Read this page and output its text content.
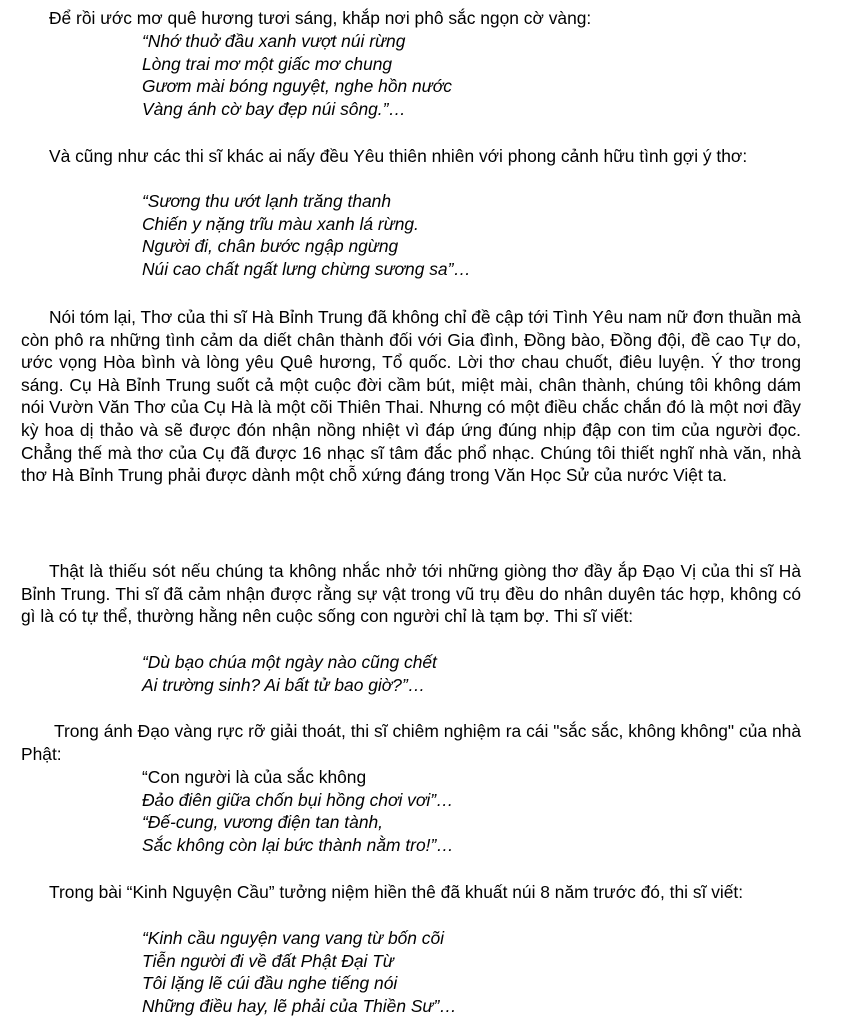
Để rồi ước mơ quê hương tươi sáng, khắp nơi phô sắc ngọn cờ vàng:

“Nhớ thuở đầu xanh vượt núi rừng
Lòng trai mơ một giấc mơ chung
Gươm mài bóng nguyệt, nghe hồn nước
Vàng ánh cờ bay đẹp núi sông.”…

Và cũng như các thi sĩ khác ai nấy đều Yêu thiên nhiên với phong cảnh hữu tình gợi ý thơ:

“Sương thu ướt lạnh trăng thanh
Chiến y nặng trĩu màu xanh lá rừng.
Người đi, chân bước ngập ngừng
Núi cao chất ngất lưng chừng sương sa”…

Nói tóm lại, Thơ của thi sĩ Hà Bỉnh Trung đã không chỉ đề cập tới Tình Yêu nam nữ đơn thuần mà còn phô ra những tình cảm da diết chân thành đối với Gia đình, Đồng bào, Đồng đội, đề cao Tự do, ước vọng Hòa bình và lòng yêu Quê hương, Tổ quốc. Lời thơ chau chuốt, điêu luyện. Ý thơ trong sáng. Cụ Hà Bỉnh Trung suốt cả một cuộc đời cầm bút, miệt mài, chân thành, chúng tôi không dám nói Vườn Văn Thơ của Cụ Hà là một cõi Thiên Thai. Nhưng có một điều chắc chắn đó là một nơi đầy kỳ hoa dị thảo và sẽ được đón nhận nồng nhiệt vì đáp ứng đúng nhịp đập con tim của người đọc. Chẳng thế mà thơ của Cụ đã được 16 nhạc sĩ tâm đắc phổ nhạc. Chúng tôi thiết nghĩ nhà văn, nhà thơ Hà Bỉnh Trung phải được dành một chỗ xứng đáng trong Văn Học Sử của nước Việt ta.

Thật là thiếu sót nếu chúng ta không nhắc nhở tới những giòng thơ đầy ắp Đạo Vị của thi sĩ Hà Bỉnh Trung. Thi sĩ đã cảm nhận được rằng sự vật trong vũ trụ đều do nhân duyên tác hợp, không có gì là có tự thể, thường hằng nên cuộc sống con người chỉ là tạm bợ. Thi sĩ viết:

“Dù bạo chúa một ngày nào cũng chết
Ai trường sinh? Ai bất tử bao giờ?”…

Trong ánh Đạo vàng rực rỡ giải thoát, thi sĩ chiêm nghiệm ra cái "sắc sắc, không không" của nhà Phật:

“Con người là của sắc không
Đảo điên giữa chốn bụi hồng chơi vơi”…
“Đế-cung, vương điện tan tành,
Sắc không còn lại bức thành nằm tro!”…

Trong bài “Kinh Nguyện Cầu” tưởng niệm hiền thê đã khuất núi 8 năm trước đó, thi sĩ viết:

“Kinh cầu nguyện vang vang từ bốn cõi
Tiễn người đi về đất Phật Đại Từ
Tôi lặng lẽ cúi đầu nghe tiếng nói
Những điều hay, lẽ phải của Thiền Sư”…
